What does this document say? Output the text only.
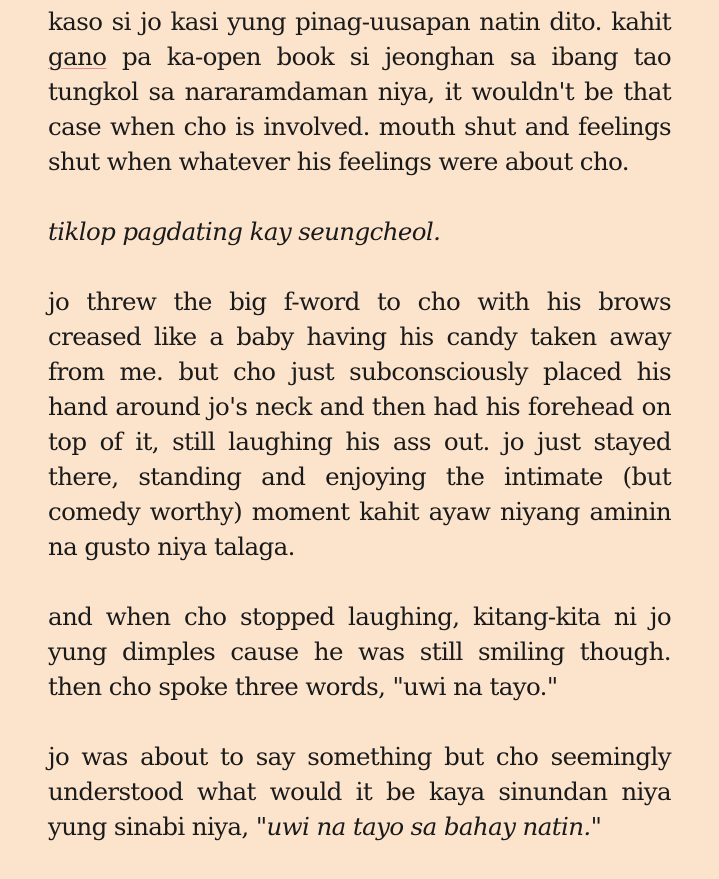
kaso si jo kasi yung pinag-uusapan natin dito. kahit gano pa ka-open book si jeonghan sa ibang tao tungkol sa nararamdaman niya, it wouldn't be that case when cho is involved. mouth shut and feelings shut when whatever his feelings were about cho.

tiklop pagdating kay seungcheol.

jo threw the big f-word to cho with his brows creased like a baby having his candy taken away from me. but cho just subconsciously placed his hand around jo's neck and then had his forehead on top of it, still laughing his ass out. jo just stayed there, standing and enjoying the intimate (but comedy worthy) moment kahit ayaw niyang aminin na gusto niya talaga.

and when cho stopped laughing, kitang-kita ni jo yung dimples cause he was still smiling though. then cho spoke three words, "uwi na tayo."

jo was about to say something but cho seemingly understood what would it be kaya sinundan niya yung sinabi niya, "uwi na tayo sa bahay natin."
